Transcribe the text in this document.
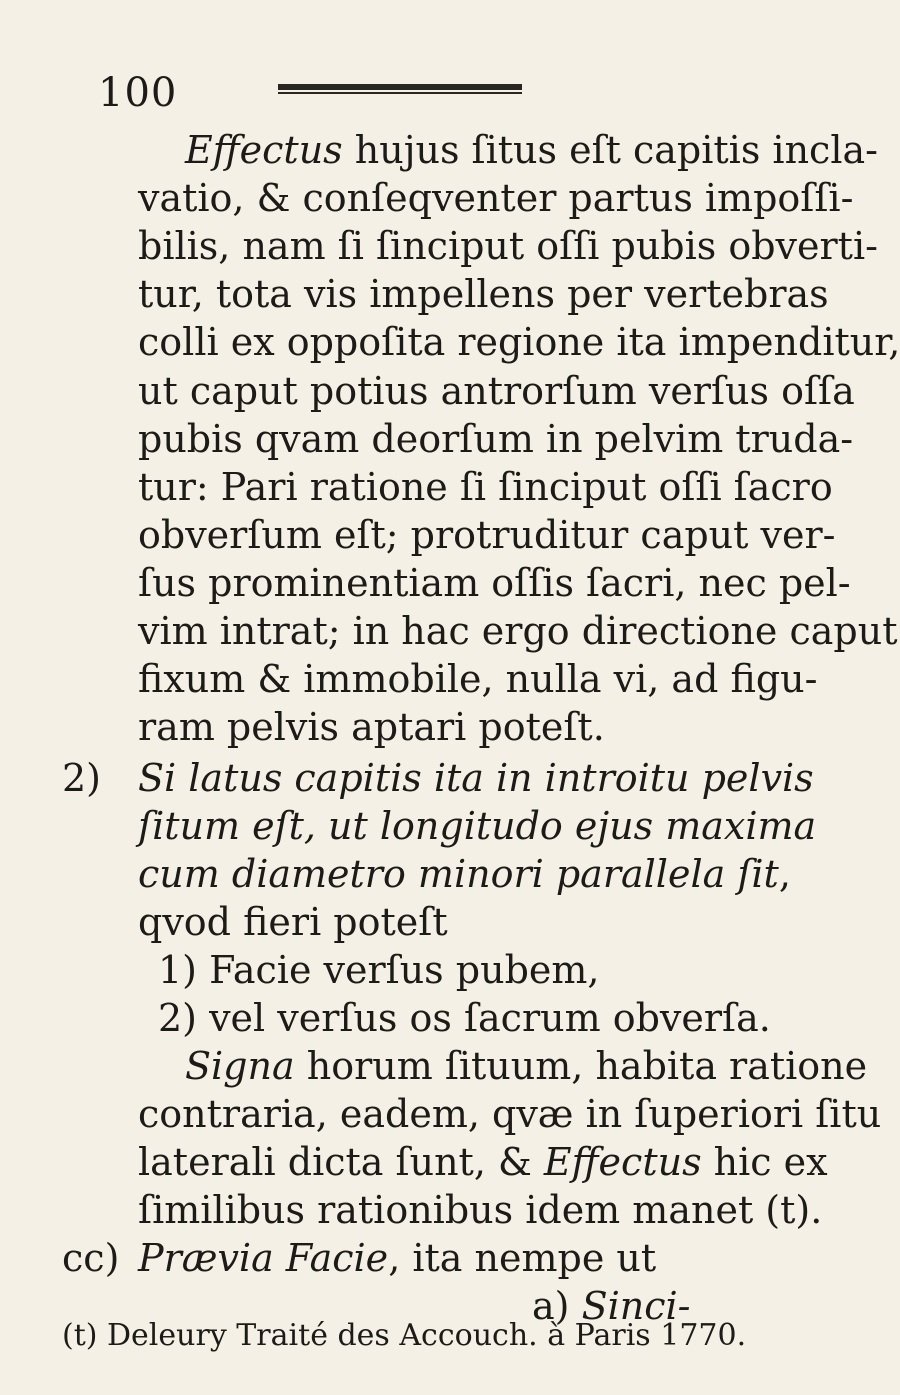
100
Effectus hujus ſitus eſt capitis incla-
vatio, & conſeqventer partus impoſſi-
bilis, nam ſi ſinciput oſſi pubis obverti-
tur, tota vis impellens per vertebras
colli ex oppoſita regione ita impenditur,
ut caput potius antrorſum verſus oſſa
pubis qvam deorſum in pelvim truda-
tur: Pari ratione ſi ſinciput oſſi ſacro
obverſum eſt; protruditur caput ver-
ſus prominentiam oſſis ſacri, nec pel-
vim intrat; in hac ergo directione caput
fixum & immobile, nulla vi, ad figu-
ram pelvis aptari poteſt.
2) Si latus capitis ita in introitu pelvis
ſitum eſt, ut longitudo ejus maxima
cum diametro minori parallela ſit,
qvod fieri poteſt
1) Facie verſus pubem,
2) vel verſus os ſacrum obverſa.
Signa horum ſituum, habita ratione
contraria, eadem, qvæ in ſuperiori ſitu
laterali dicta ſunt, & Effectus hic ex
ſimilibus rationibus idem manet (t).
cc) Prævia Facie, ita nempe ut
a) Sinci-
(t) Deleury Traité des Accouch. à Paris 1770.
